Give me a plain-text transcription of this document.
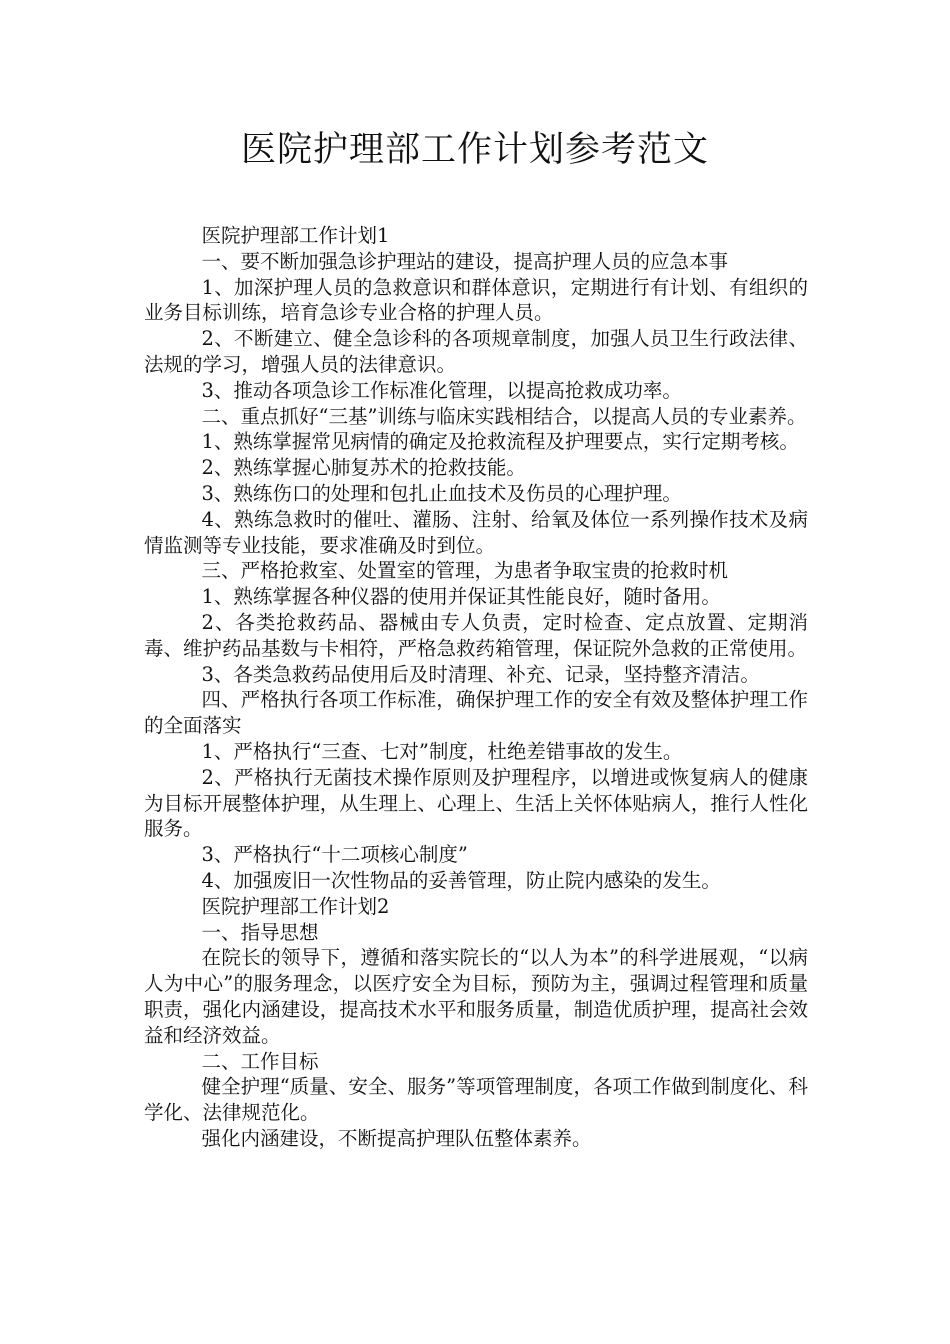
医院护理部工作计划参考范文

医院护理部工作计划1

一、要不断加强急诊护理站的建设，提高护理人员的应急本事

1、加深护理人员的急救意识和群体意识，定期进行有计划、有组织的业务目标训练，培育急诊专业合格的护理人员。

2、不断建立、健全急诊科的各项规章制度，加强人员卫生行政法律、法规的学习，增强人员的法律意识。

3、推动各项急诊工作标准化管理，以提高抢救成功率。

二、重点抓好“三基”训练与临床实践相结合，以提高人员的专业素养。

1、熟练掌握常见病情的确定及抢救流程及护理要点，实行定期考核。

2、熟练掌握心肺复苏术的抢救技能。

3、熟练伤口的处理和包扎止血技术及伤员的心理护理。

4、熟练急救时的催吐、灌肠、注射、给氧及体位一系列操作技术及病情监测等专业技能，要求准确及时到位。

三、严格抢救室、处置室的管理，为患者争取宝贵的抢救时机

1、熟练掌握各种仪器的使用并保证其性能良好，随时备用。

2、各类抢救药品、器械由专人负责，定时检查、定点放置、定期消毒、维护药品基数与卡相符，严格急救药箱管理，保证院外急救的正常使用。

3、各类急救药品使用后及时清理、补充、记录，坚持整齐清洁。

四、严格执行各项工作标准，确保护理工作的安全有效及整体护理工作的全面落实

1、严格执行“三查、七对”制度，杜绝差错事故的发生。

2、严格执行无菌技术操作原则及护理程序，以增进或恢复病人的健康为目标开展整体护理，从生理上、心理上、生活上关怀体贴病人，推行人性化服务。

3、严格执行“十二项核心制度”

4、加强废旧一次性物品的妥善管理，防止院内感染的发生。

医院护理部工作计划2

一、指导思想

在院长的领导下，遵循和落实院长的“以人为本”的科学进展观，“以病人为中心”的服务理念，以医疗安全为目标，预防为主，强调过程管理和质量职责，强化内涵建设，提高技术水平和服务质量，制造优质护理，提高社会效益和经济效益。

二、工作目标

健全护理“质量、安全、服务”等项管理制度，各项工作做到制度化、科学化、法律规范化。

强化内涵建设，不断提高护理队伍整体素养。
